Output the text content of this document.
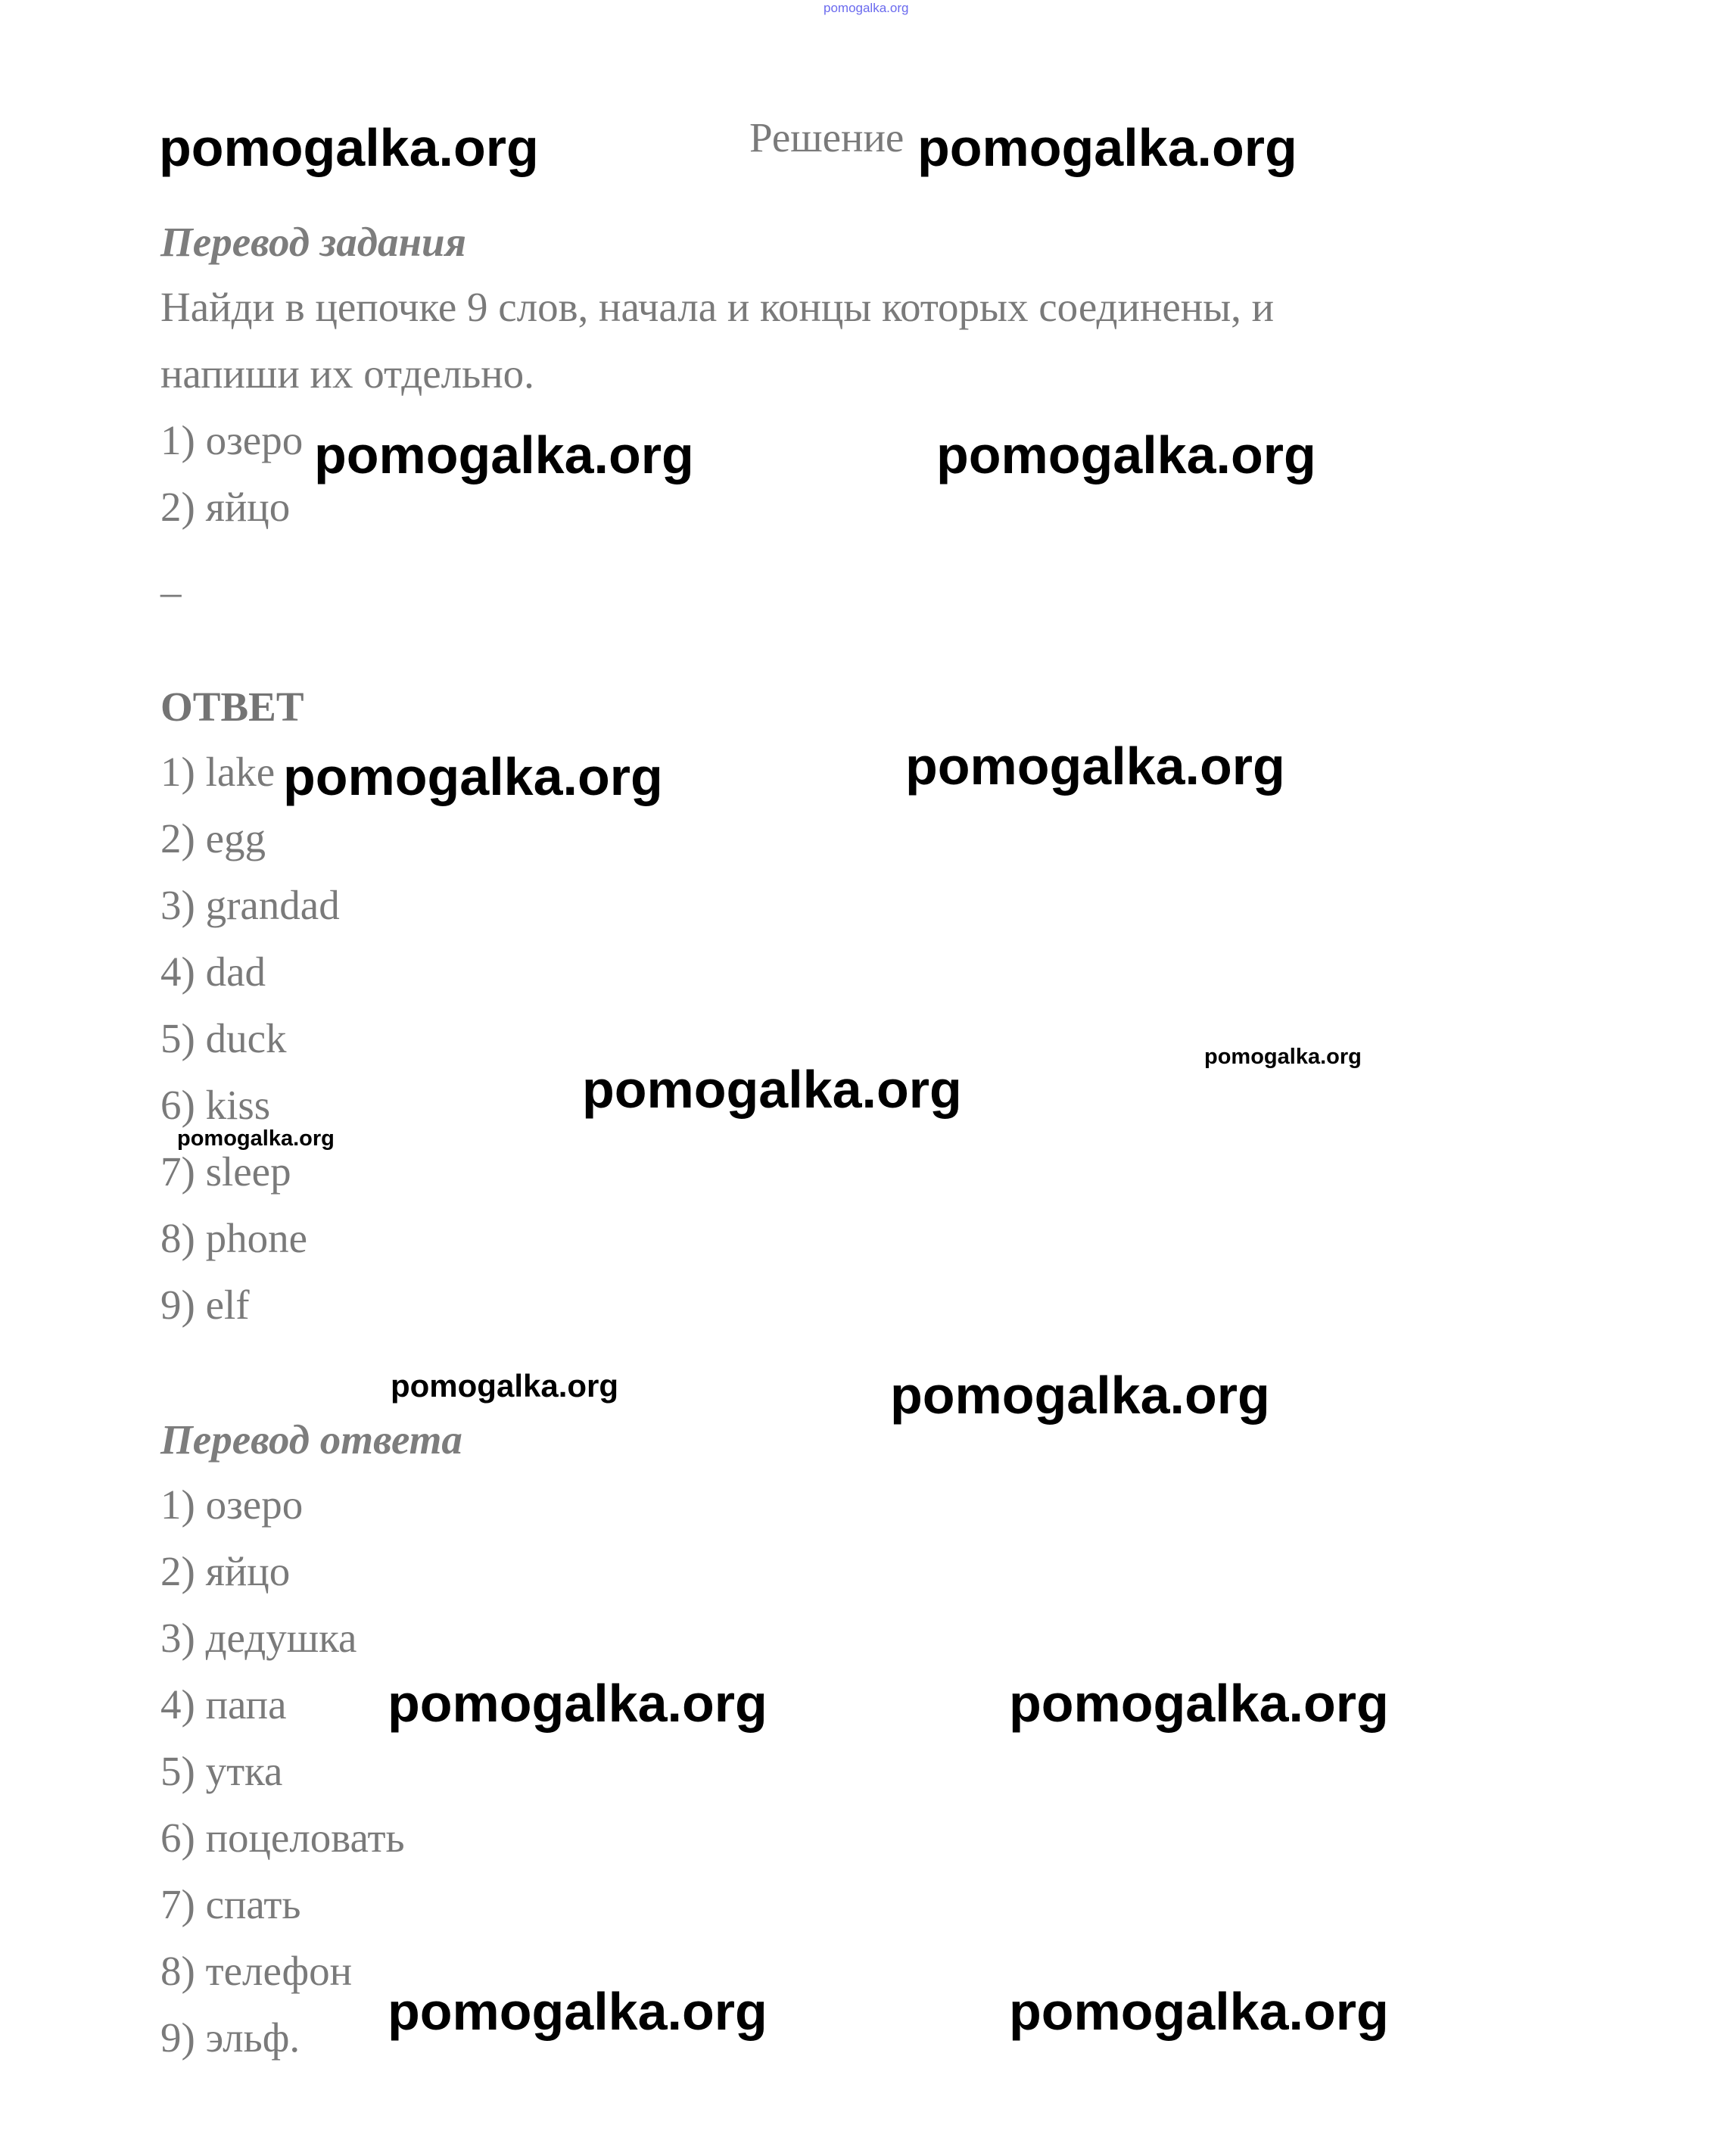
pomogalka.org
Решение
Перевод задания
Найди в цепочке 9 слов, начала и концы которых соединены, и
напиши их отдельно.
1) озеро
2) яйцо
–
ОТВЕТ
1) lake
2) egg
3) grandad
4) dad
5) duck
6) kiss
7) sleep
8) phone
9) elf
Перевод ответа
1) озеро
2) яйцо
3) дедушка
4) папа
5) утка
6) поцеловать
7) спать
8) телефон
9) эльф.
pomogalka.org	pomogalka.org
pomogalka.org	pomogalka.org
pomogalka.org	pomogalka.org
pomogalka.org
pomogalka.org
pomogalka.org
pomogalka.org	pomogalka.org
pomogalka.org	pomogalka.org
pomogalka.org	pomogalka.org
